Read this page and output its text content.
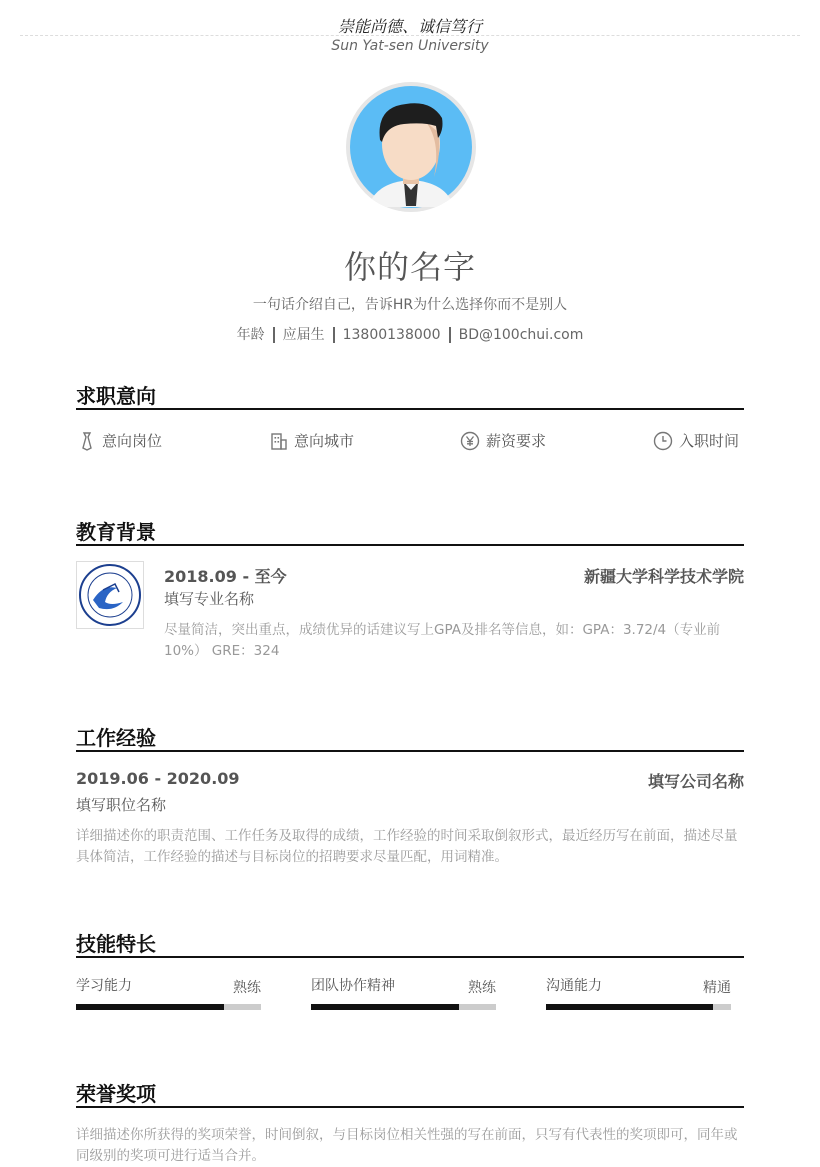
崇能尚德、诚信笃行
Sun Yat-sen University
你的名字
一句话介绍自己，告诉HR为什么选择你而不是别人
年龄 应届生 13800138000 BD@100chui.com
求职意向
意向岗位	意向城市	薪资要求	入职时间
教育背景
2018.09 - 至今	新疆大学科学技术学院
填写专业名称
尽量简洁，突出重点，成绩优异的话建议写上GPA及排名等信息，如：GPA：3.72/4（专业前10%） GRE：324
工作经验
2019.06 - 2020.09	填写公司名称
填写职位名称
详细描述你的职责范围、工作任务及取得的成绩，工作经验的时间采取倒叙形式，最近经历写在前面，描述尽量具体简洁，工作经验的描述与目标岗位的招聘要求尽量匹配，用词精准。
技能特长
学习能力	熟练	团队协作精神	熟练	沟通能力	精通
荣誉奖项
详细描述你所获得的奖项荣誉，时间倒叙，与目标岗位相关性强的写在前面，只写有代表性的奖项即可，同年或同级别的奖项可进行适当合并。
